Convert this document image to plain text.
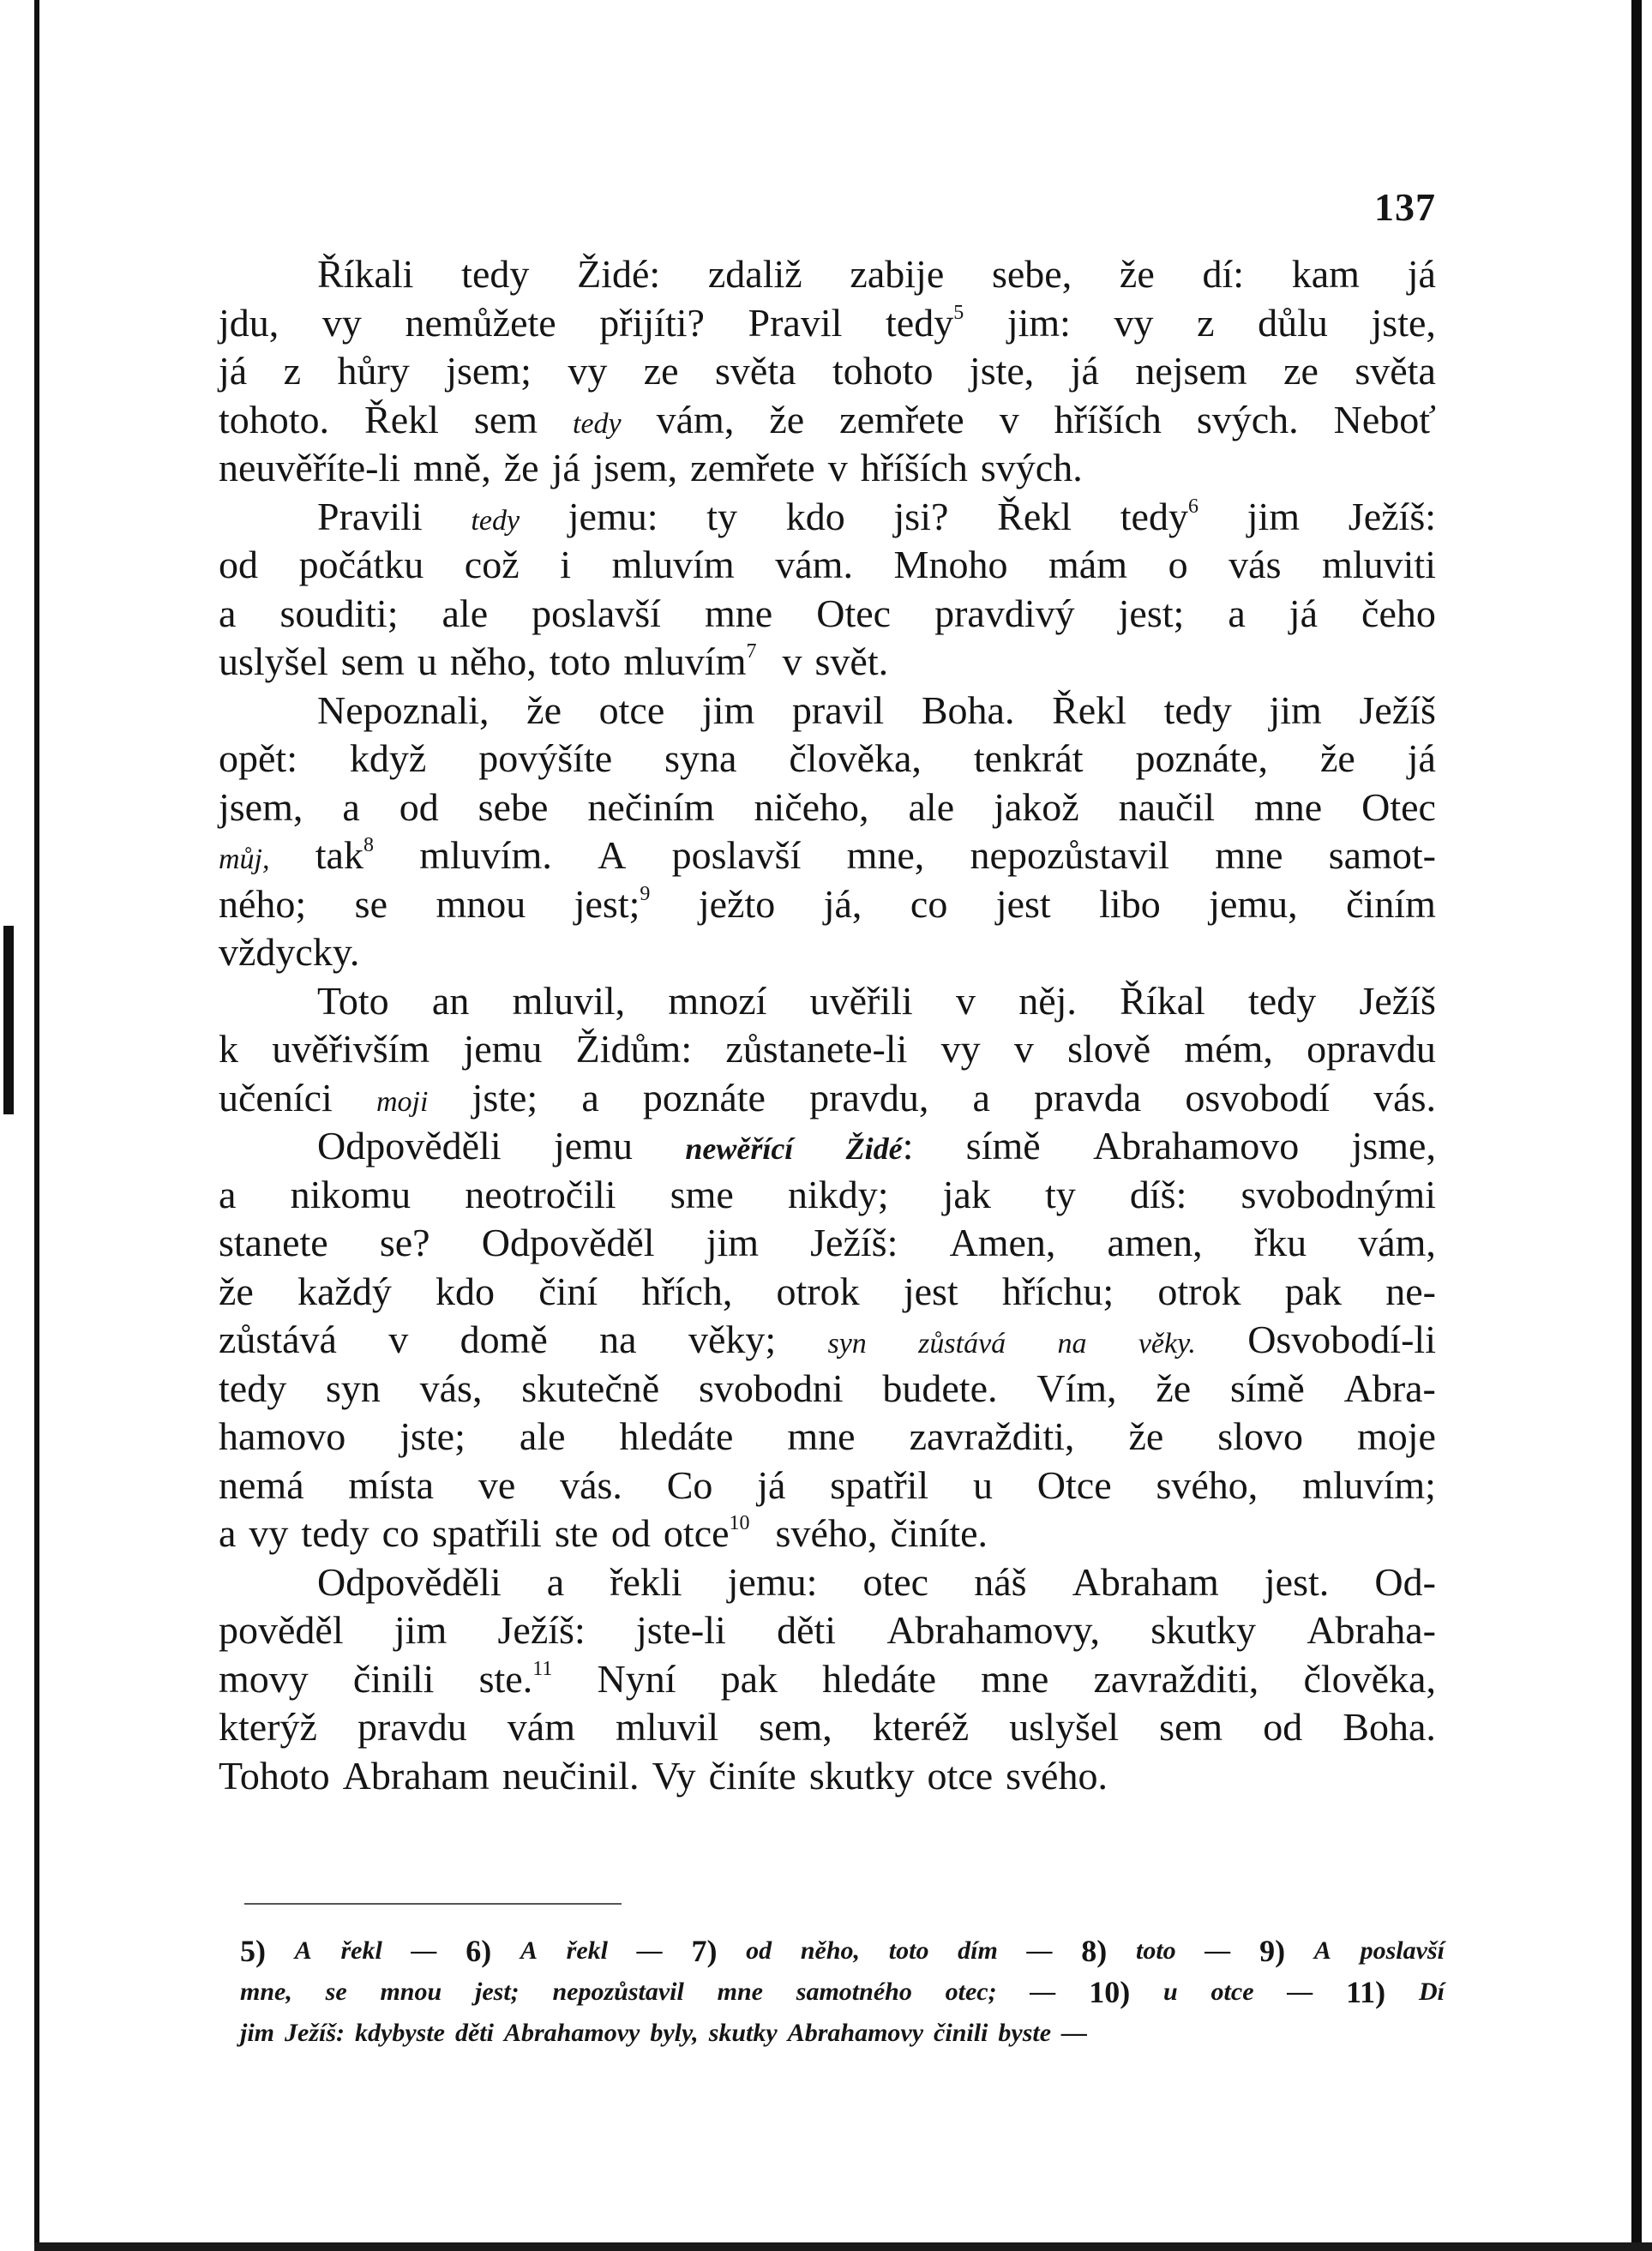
137
Říkali tedy Židé: zdaliž zabije sebe, že dí: kam já
jdu, vy nemůžete přijíti? Pravil tedy$^5$ jim: vy z důlu jste,
já z hůry jsem; vy ze světa tohoto jste, já nejsem ze světa
tohoto. Řekl sem tedy vám, že zemřete v hříších svých. Neboť
neuvěříte-li mně, že já jsem, zemřete v hříších svých.
Pravili tedy jemu: ty kdo jsi? Řekl tedy$^6$ jim Ježíš:
od počátku což i mluvím vám. Mnoho mám o vás mluviti
a souditi; ale poslavší mne Otec pravdivý jest; a já čeho
uslyšel sem u něho, toto mluvím$^7$ v svět.
Nepoznali, že otce jim pravil Boha. Řekl tedy jim Ježíš
opět: když povýšíte syna člověka, tenkrát poznáte, že já
jsem, a od sebe nečiním ničeho, ale jakož naučil mne Otec
můj, tak$^8$ mluvím. A poslavší mne, nepozůstavil mne samot-
ného; se mnou jest;$^9$ ježto já, co jest libo jemu, činím
vždycky.
Toto an mluvil, mnozí uvěřili v něj. Říkal tedy Ježíš
k uvěřivším jemu Židům: zůstanete-li vy v slově mém, opravdu
učeníci moji jste; a poznáte pravdu, a pravda osvobodí vás.
Odpověděli jemu newěřící Židé: símě Abrahamovo jsme,
a nikomu neotročili sme nikdy; jak ty díš: svobodnými
stanete se? Odpověděl jim Ježíš: Amen, amen, řku vám,
že každý kdo činí hřích, otrok jest hříchu; otrok pak ne-
zůstává v domě na věky; syn zůstává na věky. Osvobodí-li
tedy syn vás, skutečně svobodni budete. Vím, že símě Abra-
hamovo jste; ale hledáte mne zavražditi, že slovo moje
nemá místa ve vás. Co já spatřil u Otce svého, mluvím;
a vy tedy co spatřili ste od otce$^{10}$ svého, činíte.
Odpověděli a řekli jemu: otec náš Abraham jest. Od-
pověděl jim Ježíš: jste-li děti Abrahamovy, skutky Abraha-
movy činili ste.$^{11}$ Nyní pak hledáte mne zavražditi, člověka,
kterýž pravdu vám mluvil sem, kteréž uslyšel sem od Boha.
Tohoto Abraham neučinil. Vy činíte skutky otce svého.
5) A řekl — 6) A řekl — 7) od něho, toto dím — 8) toto — 9) A poslavší
mne, se mnou jest; nepozůstavil mne samotného otec; — 10) u otce — 11) Dí
jim Ježíš: kdybyste děti Abrahamovy byly, skutky Abrahamovy činili byste —
